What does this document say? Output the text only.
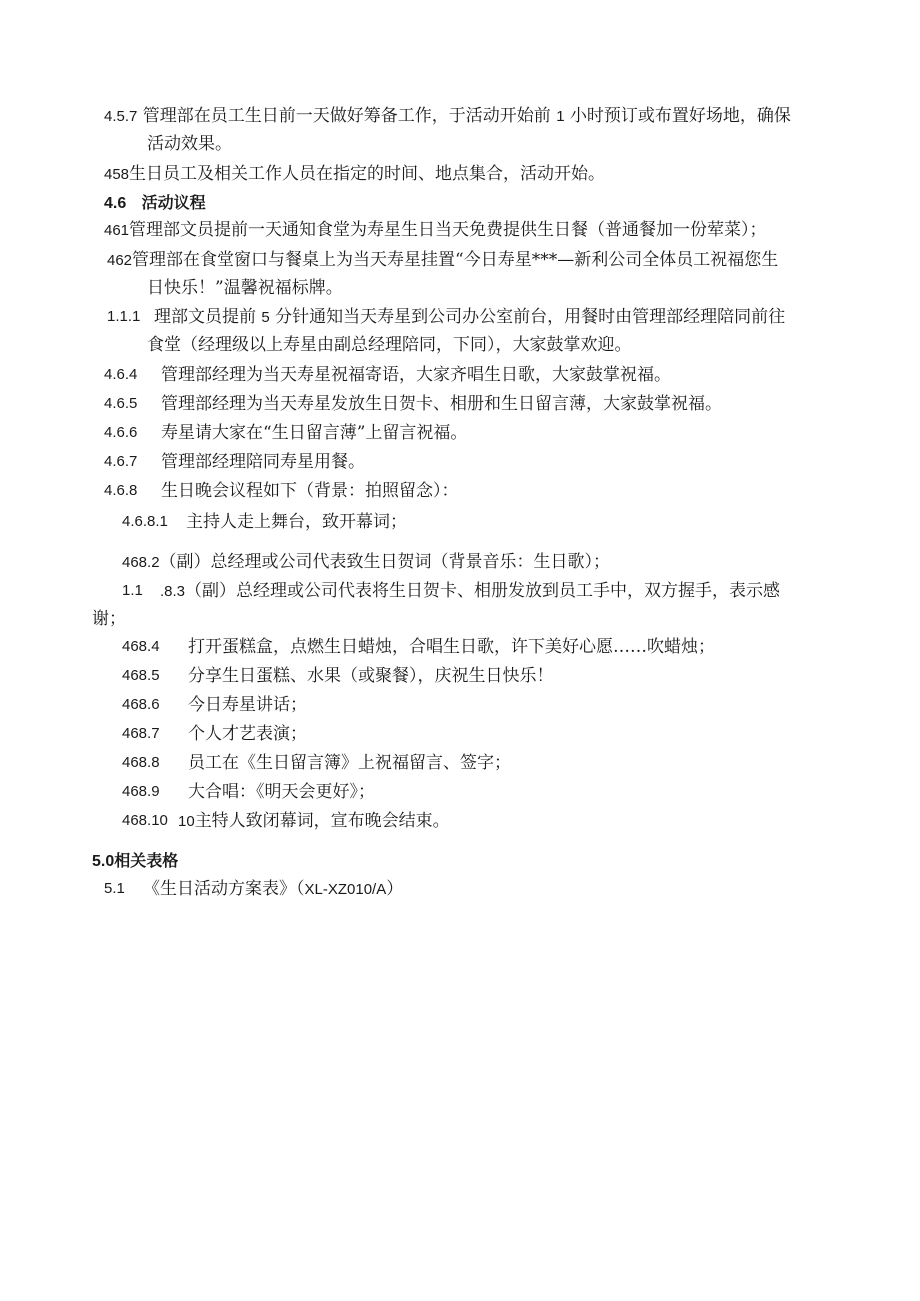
4.5.7 管理部在员工生日前一天做好筹备工作，于活动开始前 1 小时预订或布置好场地，确保
活动效果。
458生日员工及相关工作人员在指定的时间、地点集合，活动开始。
4.6 活动议程
461管理部文员提前一天通知食堂为寿星生日当天免费提供生日餐（普通餐加一份荤菜）；
462管理部在食堂窗口与餐桌上为当天寿星挂置“今日寿星***—新利公司全体员工祝福您生
日快乐！”温馨祝福标牌。
1.1.1 理部文员提前 5 分针通知当天寿星到公司办公室前台，用餐时由管理部经理陪同前往
食堂（经理级以上寿星由副总经理陪同，下同），大家鼓掌欢迎。
4.6.4 管理部经理为当天寿星祝福寄语，大家齐唱生日歌，大家鼓掌祝福。
4.6.5 管理部经理为当天寿星发放生日贺卡、相册和生日留言薄，大家鼓掌祝福。
4.6.6 寿星请大家在“生日留言薄”上留言祝福。
4.6.7 管理部经理陪同寿星用餐。
4.6.8 生日晚会议程如下（背景：拍照留念）：
4.6.8.1 主持人走上舞台，致开幕词；
468.2（副）总经理或公司代表致生日贺词（背景音乐：生日歌）；
1.1 .8.3（副）总经理或公司代表将生日贺卡、相册发放到员工手中，双方握手，表示感
谢；
468.4 打开蛋糕盒，点燃生日蜡烛，合唱生日歌，许下美好心愿……吹蜡烛；
468.5 分享生日蛋糕、水果（或聚餐），庆祝生日快乐！
468.6 今日寿星讲话；
468.7 个人才艺表演；
468.8 员工在《生日留言簿》上祝福留言、签字；
468.9 大合唱：《明天会更好》；
468.10 10主特人致闭幕词，宣布晚会结束。
5.0相关表格
5.1 《生日活动方案表》（XL-XZ010/A）
